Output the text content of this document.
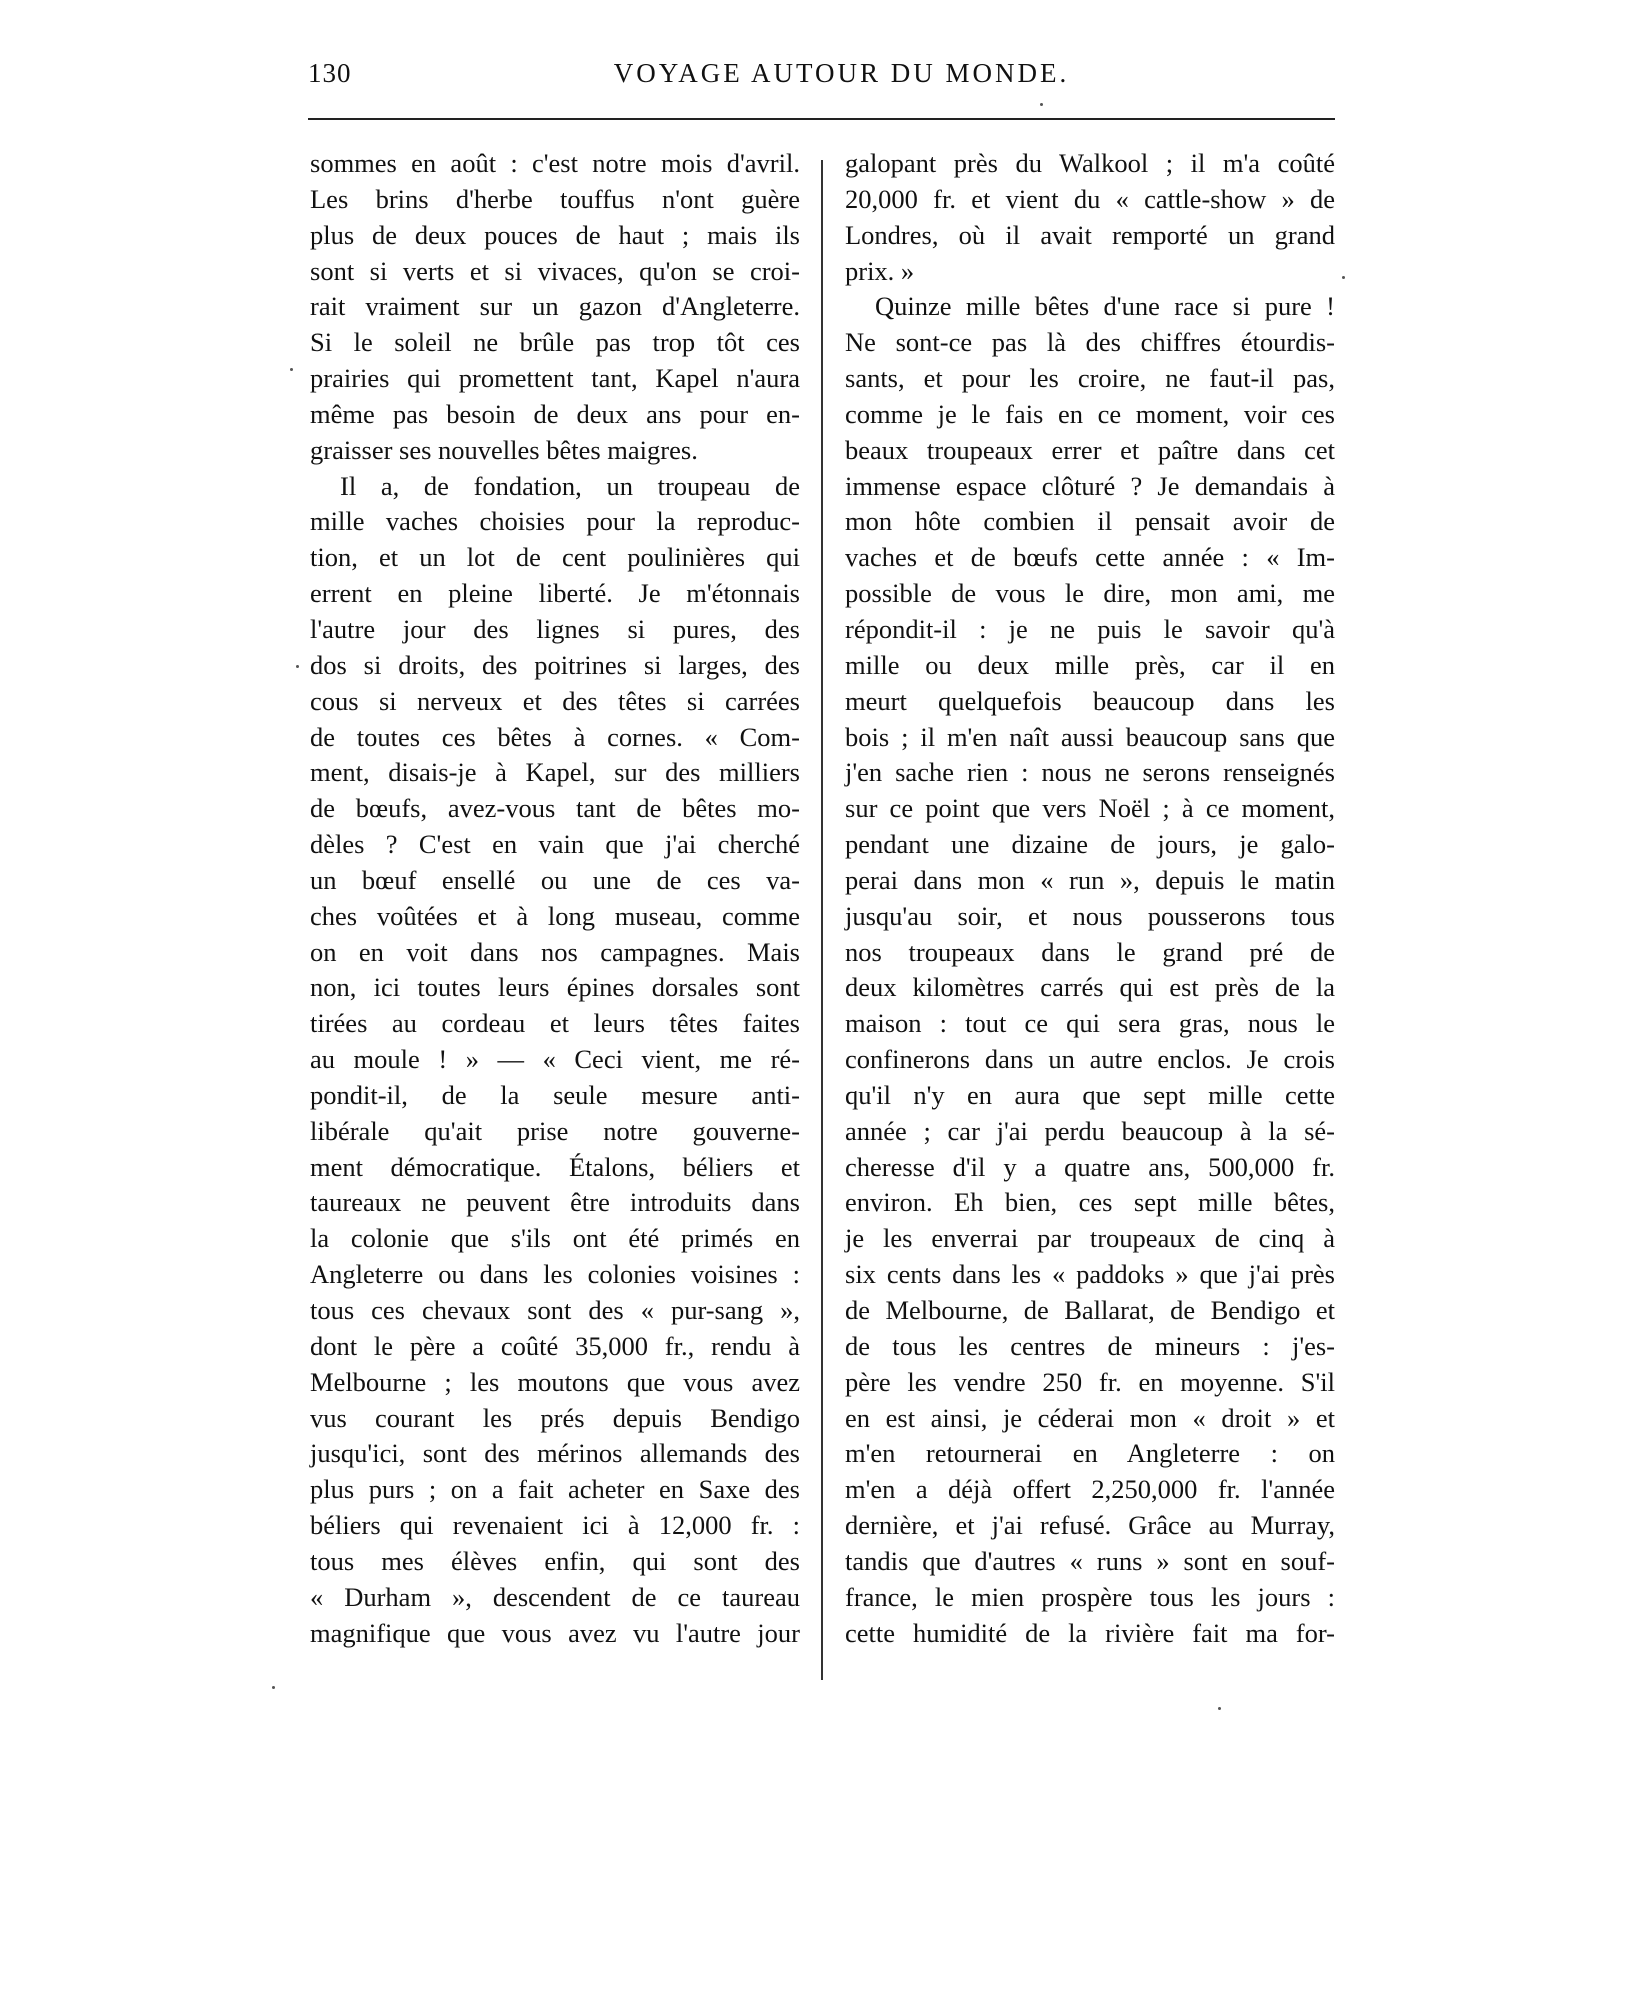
130	VOYAGE AUTOUR DU MONDE.
sommes en août : c'est notre mois d'avril.
Les brins d'herbe touffus n'ont guère
plus de deux pouces de haut ; mais ils
sont si verts et si vivaces, qu'on se croi-
rait vraiment sur un gazon d'Angleterre.
Si le soleil ne brûle pas trop tôt ces
prairies qui promettent tant, Kapel n'aura
même pas besoin de deux ans pour en-
graisser ses nouvelles bêtes maigres.
Il a, de fondation, un troupeau de
mille vaches choisies pour la reproduc-
tion, et un lot de cent poulinières qui
errent en pleine liberté. Je m'étonnais
l'autre jour des lignes si pures, des
dos si droits, des poitrines si larges, des
cous si nerveux et des têtes si carrées
de toutes ces bêtes à cornes. « Com-
ment, disais-je à Kapel, sur des milliers
de bœufs, avez-vous tant de bêtes mo-
dèles ? C'est en vain que j'ai cherché
un bœuf ensellé ou une de ces va-
ches voûtées et à long museau, comme
on en voit dans nos campagnes. Mais
non, ici toutes leurs épines dorsales sont
tirées au cordeau et leurs têtes faites
au moule ! » — « Ceci vient, me ré-
pondit-il, de la seule mesure anti-
libérale qu'ait prise notre gouverne-
ment démocratique. Étalons, béliers et
taureaux ne peuvent être introduits dans
la colonie que s'ils ont été primés en
Angleterre ou dans les colonies voisines :
tous ces chevaux sont des « pur-sang »,
dont le père a coûté 35,000 fr., rendu à
Melbourne ; les moutons que vous avez
vus courant les prés depuis Bendigo
jusqu'ici, sont des mérinos allemands des
plus purs ; on a fait acheter en Saxe des
béliers qui revenaient ici à 12,000 fr. :
tous mes élèves enfin, qui sont des
« Durham », descendent de ce taureau
magnifique que vous avez vu l'autre jour
galopant près du Walkool ; il m'a coûté
20,000 fr. et vient du « cattle-show » de
Londres, où il avait remporté un grand
prix. »
Quinze mille bêtes d'une race si pure !
Ne sont-ce pas là des chiffres étourdis-
sants, et pour les croire, ne faut-il pas,
comme je le fais en ce moment, voir ces
beaux troupeaux errer et paître dans cet
immense espace clôturé ? Je demandais à
mon hôte combien il pensait avoir de
vaches et de bœufs cette année : « Im-
possible de vous le dire, mon ami, me
répondit-il : je ne puis le savoir qu'à
mille ou deux mille près, car il en
meurt quelquefois beaucoup dans les
bois ; il m'en naît aussi beaucoup sans que
j'en sache rien : nous ne serons renseignés
sur ce point que vers Noël ; à ce moment,
pendant une dizaine de jours, je galo-
perai dans mon « run », depuis le matin
jusqu'au soir, et nous pousserons tous
nos troupeaux dans le grand pré de
deux kilomètres carrés qui est près de la
maison : tout ce qui sera gras, nous le
confinerons dans un autre enclos. Je crois
qu'il n'y en aura que sept mille cette
année ; car j'ai perdu beaucoup à la sé-
cheresse d'il y a quatre ans, 500,000 fr.
environ. Eh bien, ces sept mille bêtes,
je les enverrai par troupeaux de cinq à
six cents dans les « paddoks » que j'ai près
de Melbourne, de Ballarat, de Bendigo et
de tous les centres de mineurs : j'es-
père les vendre 250 fr. en moyenne. S'il
en est ainsi, je céderai mon « droit » et
m'en retournerai en Angleterre : on
m'en a déjà offert 2,250,000 fr. l'année
dernière, et j'ai refusé. Grâce au Murray,
tandis que d'autres « runs » sont en souf-
france, le mien prospère tous les jours :
cette humidité de la rivière fait ma for-
